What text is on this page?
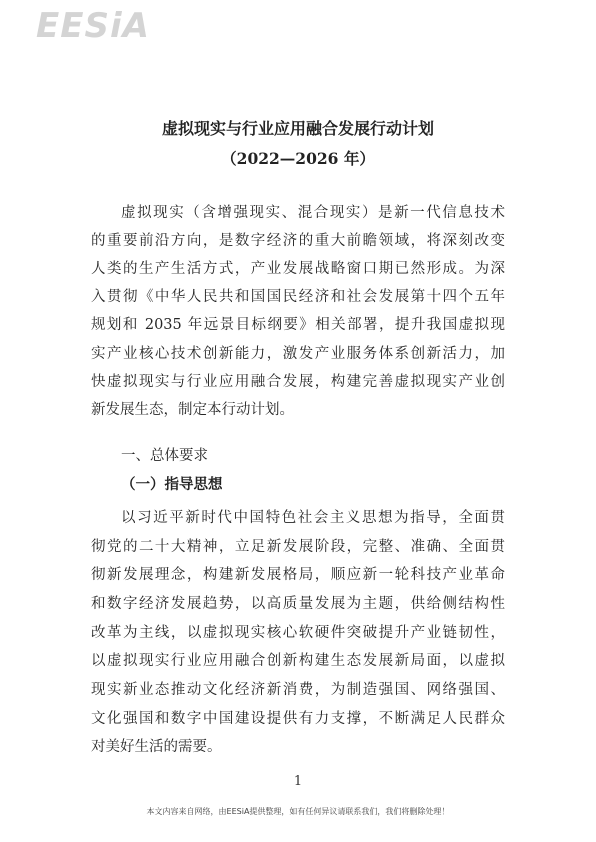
EESiA
虚拟现实与行业应用融合发展行动计划
（2022—2026 年）
虚拟现实（含增强现实、混合现实）是新一代信息技术
的重要前沿方向，是数字经济的重大前瞻领域，将深刻改变
人类的生产生活方式，产业发展战略窗口期已然形成。为深
入贯彻《中华人民共和国国民经济和社会发展第十四个五年
规划和 2035 年远景目标纲要》相关部署，提升我国虚拟现
实产业核心技术创新能力，激发产业服务体系创新活力，加
快虚拟现实与行业应用融合发展，构建完善虚拟现实产业创
新发展生态，制定本行动计划。
一、总体要求
（一）指导思想
以习近平新时代中国特色社会主义思想为指导，全面贯
彻党的二十大精神，立足新发展阶段，完整、准确、全面贯
彻新发展理念，构建新发展格局，顺应新一轮科技产业革命
和数字经济发展趋势，以高质量发展为主题，供给侧结构性
改革为主线，以虚拟现实核心软硬件突破提升产业链韧性，
以虚拟现实行业应用融合创新构建生态发展新局面，以虚拟
现实新业态推动文化经济新消费，为制造强国、网络强国、
文化强国和数字中国建设提供有力支撑，不断满足人民群众
对美好生活的需要。
1
本文内容来自网络，由EESiA提供整理，如有任何异议请联系我们，我们将删除处理！
